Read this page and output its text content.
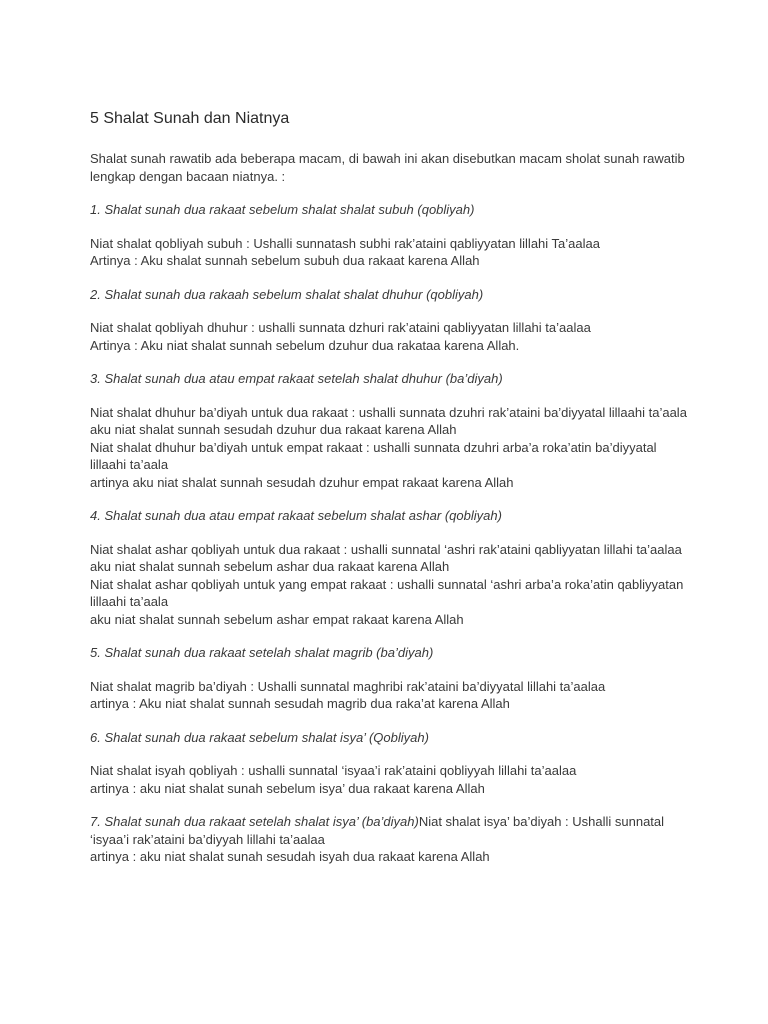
5 Shalat Sunah dan Niatnya

Shalat sunah rawatib ada beberapa macam, di bawah ini akan disebutkan macam sholat sunah rawatib lengkap dengan bacaan niatnya. :

1. Shalat sunah dua rakaat sebelum shalat shalat subuh (qobliyah)

Niat shalat qobliyah subuh : Ushalli sunnatash subhi rak’ataini qabliyyatan lillahi Ta’aalaa

Artinya : Aku shalat sunnah sebelum subuh dua rakaat karena Allah

2. Shalat sunah dua rakaah sebelum shalat shalat dhuhur (qobliyah)

Niat shalat qobliyah dhuhur : ushalli sunnata dzhuri rak’ataini qabliyyatan lillahi ta’aalaa

Artinya : Aku niat shalat sunnah sebelum dzuhur dua rakataa karena Allah.

3. Shalat sunah dua atau empat rakaat setelah shalat dhuhur (ba’diyah)

Niat shalat dhuhur ba’diyah untuk dua rakaat : ushalli sunnata dzuhri rak’ataini ba’diyyatal lillaahi ta’aala

aku niat shalat sunnah sesudah dzuhur dua rakaat karena Allah

Niat shalat dhuhur ba’diyah untuk empat rakaat : ushalli sunnata dzuhri arba’a roka’atin ba’diyyatal lillaahi ta’aala

artinya aku niat shalat sunnah sesudah dzuhur empat rakaat karena Allah

4. Shalat sunah dua atau empat rakaat sebelum shalat ashar (qobliyah)

Niat shalat ashar qobliyah untuk dua rakaat : ushalli sunnatal ‘ashri rak’ataini qabliyyatan lillahi ta’aalaa

aku niat shalat sunnah sebelum ashar dua rakaat karena Allah

Niat shalat ashar qobliyah untuk yang empat rakaat : ushalli sunnatal ‘ashri arba’a roka’atin qabliyyatan lillaahi ta’aala

aku niat shalat sunnah sebelum ashar empat rakaat karena Allah

5. Shalat sunah dua rakaat setelah shalat magrib (ba’diyah)

Niat shalat magrib ba’diyah : Ushalli sunnatal maghribi rak’ataini ba’diyyatal lillahi ta’aalaa

artinya : Aku niat shalat sunnah sesudah magrib dua raka’at karena Allah

6. Shalat sunah dua rakaat sebelum shalat isya’ (Qobliyah)

Niat shalat isyah qobliyah : ushalli sunnatal ‘isyaa’i rak’ataini qobliyyah lillahi ta’aalaa

artinya : aku niat shalat sunah sebelum isya’ dua rakaat karena Allah

7. Shalat sunah dua rakaat setelah shalat isya’ (ba’diyah)Niat shalat isya’ ba’diyah : Ushalli sunnatal ‘isyaa’i rak’ataini ba’diyyah lillahi ta’aalaa

artinya : aku niat shalat sunah sesudah isyah dua rakaat karena Allah
